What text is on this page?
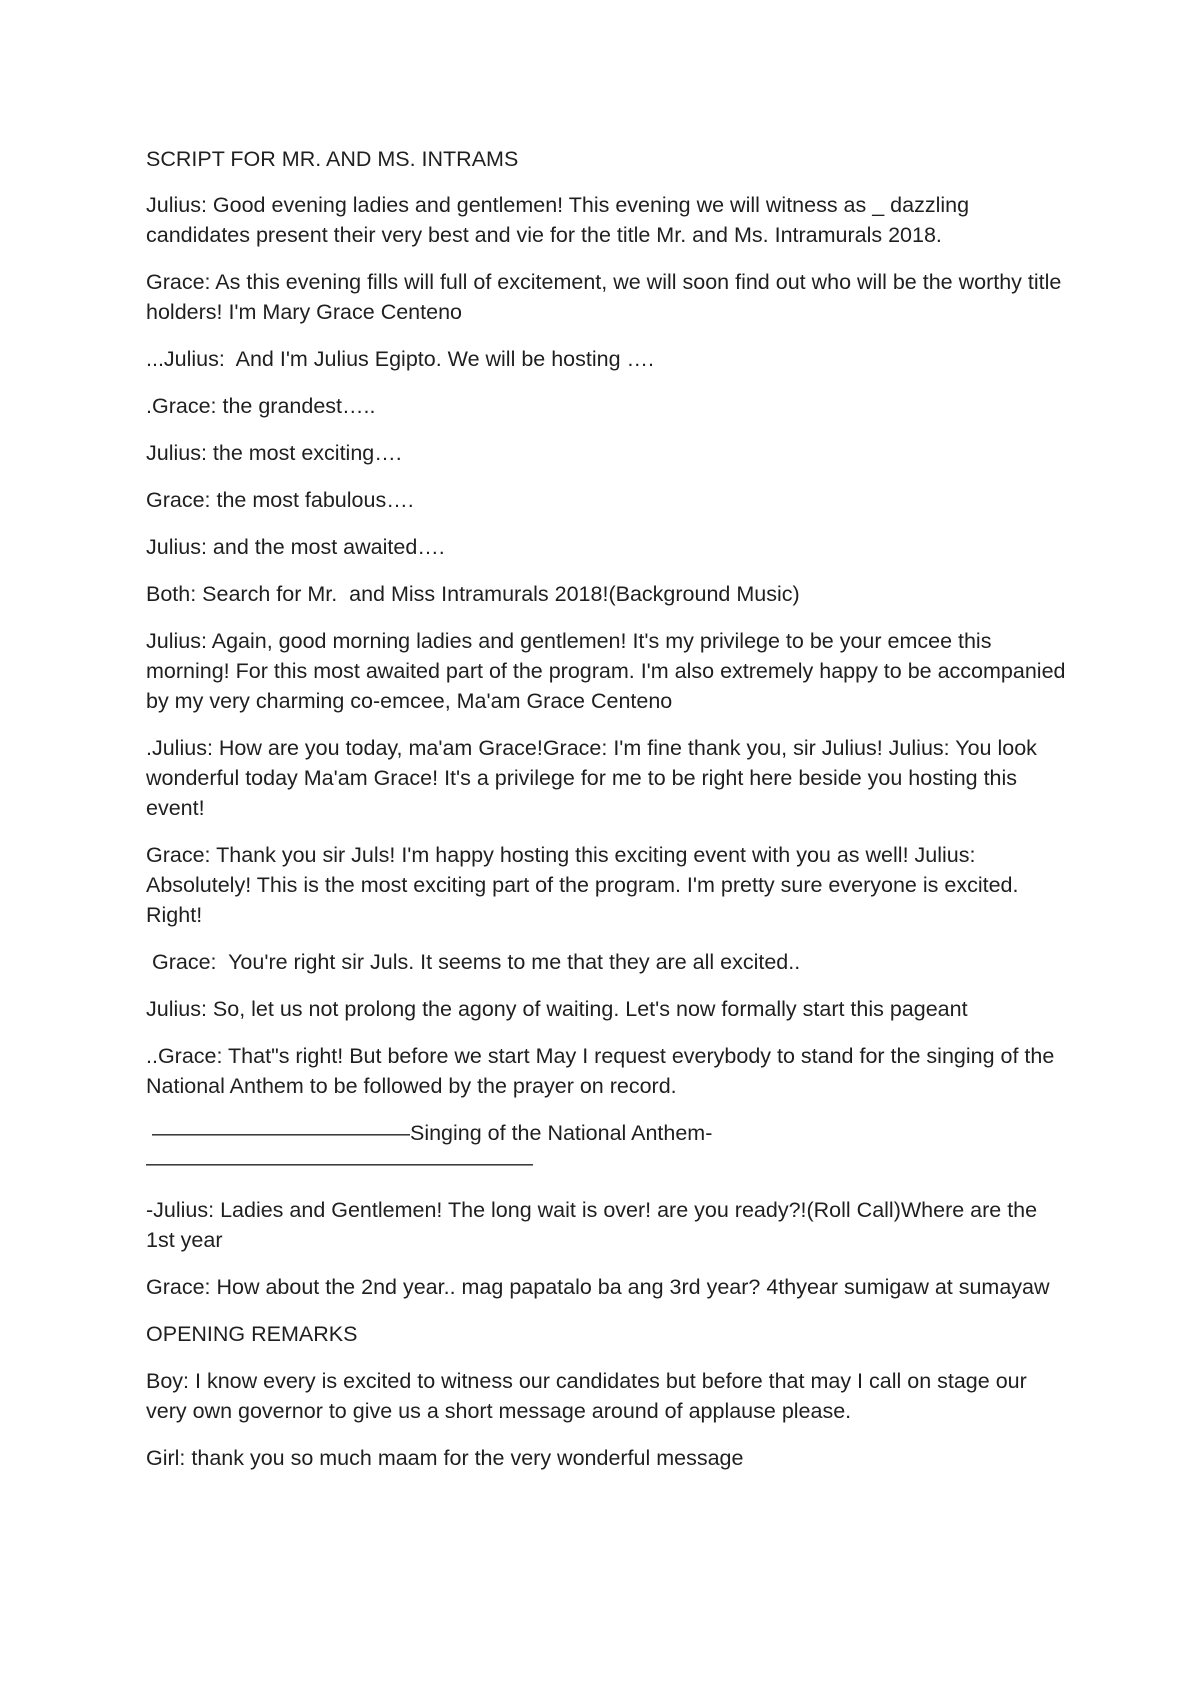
SCRIPT FOR MR. AND MS. INTRAMS

Julius: Good evening ladies and gentlemen! This evening we will witness as _ dazzling candidates present their very best and vie for the title Mr. and Ms. Intramurals 2018.

Grace: As this evening fills will full of excitement, we will soon find out who will be the worthy title holders! I'm Mary Grace Centeno

...Julius:  And I'm Julius Egipto. We will be hosting ….

.Grace: the grandest…..

Julius: the most exciting….

Grace: the most fabulous….

Julius: and the most awaited….

Both: Search for Mr.  and Miss Intramurals 2018!(Background Music)

Julius: Again, good morning ladies and gentlemen! It's my privilege to be your emcee this morning! For this most awaited part of the program. I'm also extremely happy to be accompanied by my very charming co-emcee, Ma'am Grace Centeno

.Julius: How are you today, ma'am Grace!Grace: I'm fine thank you, sir Julius! Julius: You look wonderful today Ma'am Grace! It's a privilege for me to be right here beside you hosting this event!

Grace: Thank you sir Juls! I'm happy hosting this exciting event with you as well! Julius: Absolutely! This is the most exciting part of the program. I'm pretty sure everyone is excited. Right!

Grace:  You're right sir Juls. It seems to me that they are all excited..

Julius: So, let us not prolong the agony of waiting. Let's now formally start this pageant

..Grace: That"s right! But before we start May I request everybody to stand for the singing of the National Anthem to be followed by the prayer on record.

————————————Singing of the National Anthem-——————————————————

-Julius: Ladies and Gentlemen! The long wait is over! are you ready?!(Roll Call)Where are the 1st year

Grace: How about the 2nd year.. mag papatalo ba ang 3rd year? 4thyear sumigaw at sumayaw

OPENING REMARKS

Boy: I know every is excited to witness our candidates but before that may I call on stage our very own governor to give us a short message around of applause please.

Girl: thank you so much maam for the very wonderful message
